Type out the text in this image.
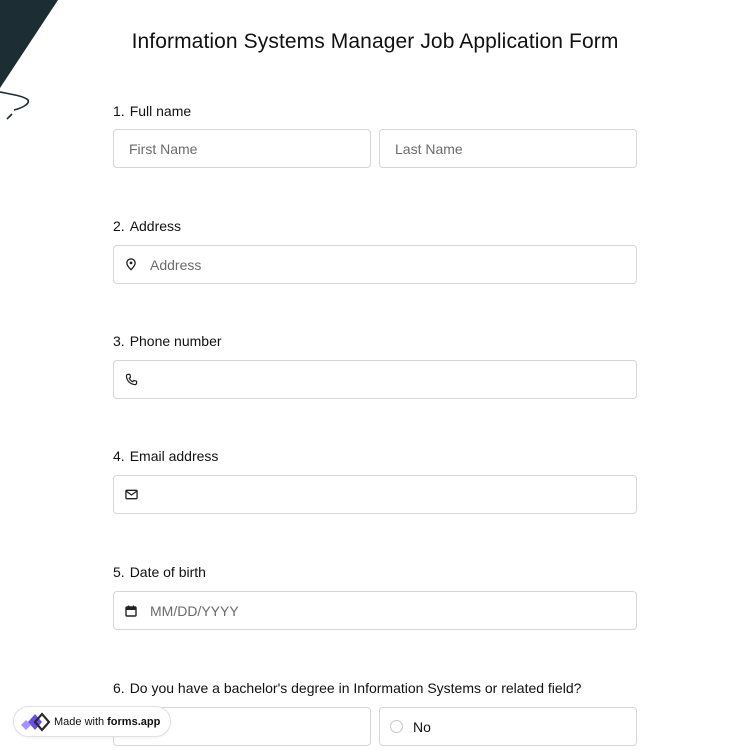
Information Systems Manager Job Application Form
1. Full name
First Name	Last Name
2. Address
Address
3. Phone number
4. Email address
5. Date of birth
MM/DD/YYYY
6. Do you have a bachelor's degree in Information Systems or related field?
No
Made with forms.app
